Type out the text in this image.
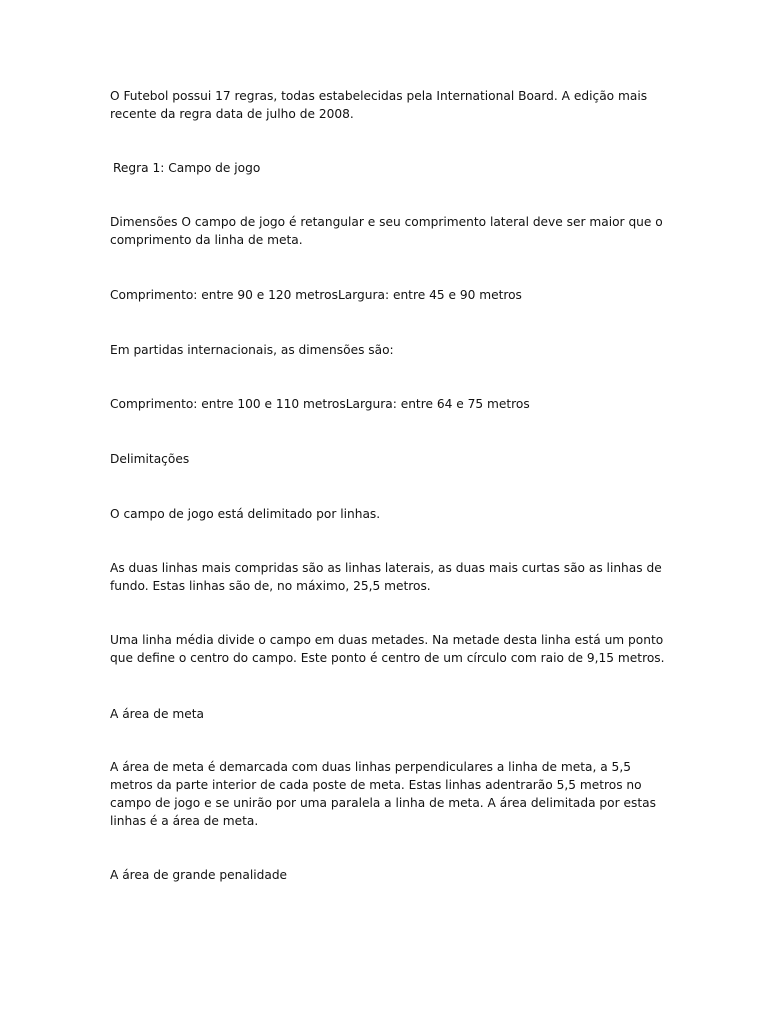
O Futebol possui 17 regras, todas estabelecidas pela International Board. A edição mais recente da regra data de julho de 2008.

Regra 1: Campo de jogo

Dimensões O campo de jogo é retangular e seu comprimento lateral deve ser maior que o comprimento da linha de meta.

Comprimento: entre 90 e 120 metrosLargura: entre 45 e 90 metros

Em partidas internacionais, as dimensões são:

Comprimento: entre 100 e 110 metrosLargura: entre 64 e 75 metros

Delimitações

O campo de jogo está delimitado por linhas.

As duas linhas mais compridas são as linhas laterais, as duas mais curtas são as linhas de fundo. Estas linhas são de, no máximo, 25,5 metros.

Uma linha média divide o campo em duas metades. Na metade desta linha está um ponto que define o centro do campo. Este ponto é centro de um círculo com raio de 9,15 metros.

A área de meta

A área de meta é demarcada com duas linhas perpendiculares a linha de meta, a 5,5 metros da parte interior de cada poste de meta. Estas linhas adentrarão 5,5 metros no campo de jogo e se unirão por uma paralela a linha de meta. A área delimitada por estas linhas é a área de meta.

A área de grande penalidade
